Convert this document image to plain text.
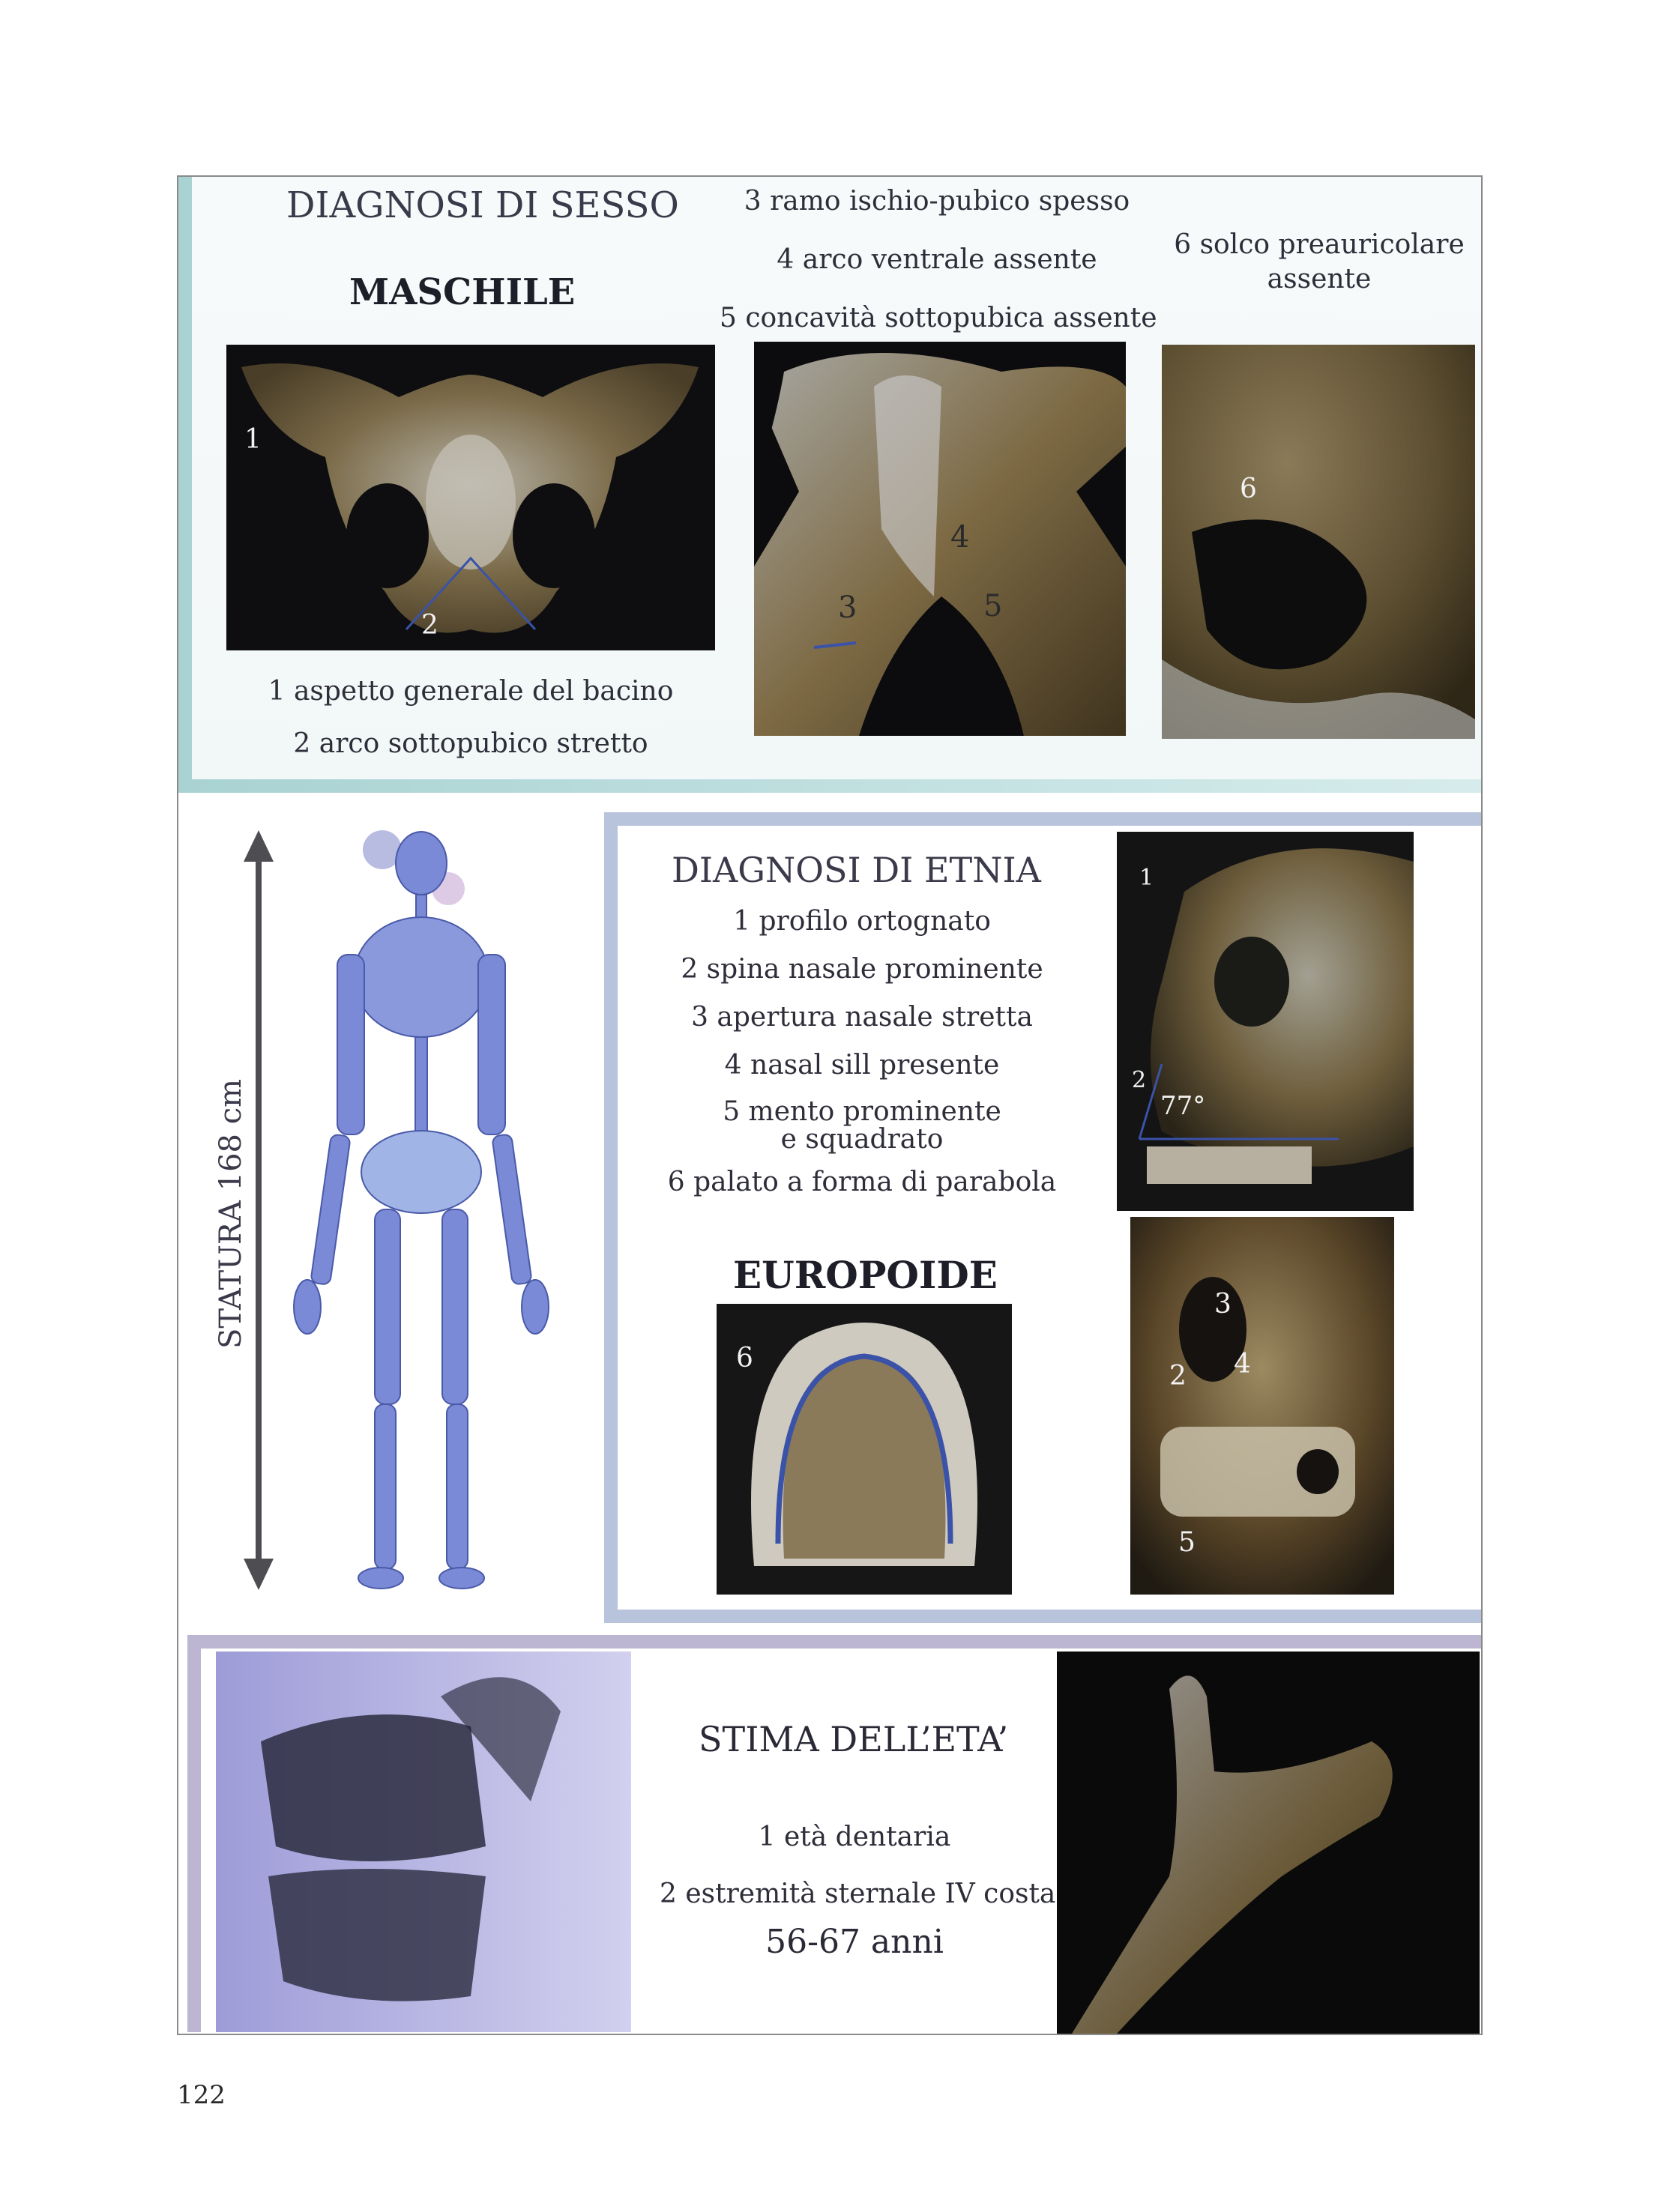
DIAGNOSI DI SESSO
MASCHILE
3 ramo ischio-pubico spesso
4 arco ventrale assente
5 concavità sottopubica assente
6 solco preauricolare
assente
1
2
1 aspetto generale del bacino
2 arco sottopubico stretto
3
4
5
6
STATURA 168 cm
DIAGNOSI DI ETNIA
1 profilo ortognato
2 spina nasale prominente
3 apertura nasale stretta
4 nasal sill presente
5 mento prominente
e squadrato
6 palato a forma di parabola
EUROPOIDE
1
2
77°
6
3
2 4
5
STIMA DELL’ETA’
1 età dentaria
2 estremità sternale IV costa
56-67 anni
122
